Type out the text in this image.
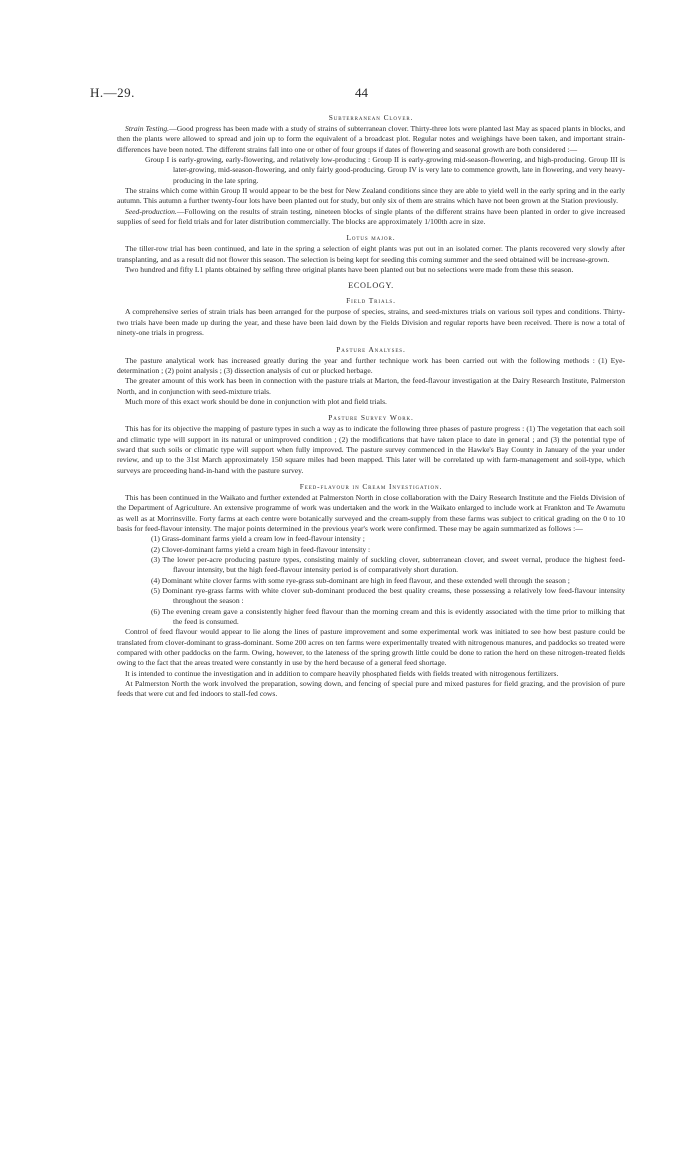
H.—29.	44
Subterranean Clover.

Strain Testing.—Good progress has been made with a study of strains of subterranean clover. Thirty-three lots were planted last May as spaced plants in blocks, and then the plants were allowed to spread and join up to form the equivalent of a broadcast plot. Regular notes and weighings have been taken, and important strain-differences have been noted. The different strains fall into one or other of four groups if dates of flowering and seasonal growth are both considered :—

Group I is early-growing, early-flowering, and relatively low-producing : Group II is early-growing mid-season-flowering, and high-producing. Group III is later-growing, mid-season-flowering, and only fairly good-producing. Group IV is very late to commence growth, late in flowering, and very heavy-producing in the late spring.

The strains which come within Group II would appear to be the best for New Zealand conditions since they are able to yield well in the early spring and in the early autumn. This autumn a further twenty-four lots have been planted out for study, but only six of them are strains which have not been grown at the Station previously.

Seed-production.—Following on the results of strain testing, nineteen blocks of single plants of the different strains have been planted in order to give increased supplies of seed for field trials and for later distribution commercially. The blocks are approximately 1/100th acre in size.

Lotus major.

The tiller-row trial has been continued, and late in the spring a selection of eight plants was put out in an isolated corner. The plants recovered very slowly after transplanting, and as a result did not flower this season. The selection is being kept for seeding this coming summer and the seed obtained will be increase-grown.

Two hundred and fifty L1 plants obtained by selfing three original plants have been planted out but no selections were made from these this season.

ECOLOGY.
Field Trials.

A comprehensive series of strain trials has been arranged for the purpose of species, strains, and seed-mixtures trials on various soil types and conditions. Thirty-two trials have been made up during the year, and these have been laid down by the Fields Division and regular reports have been received. There is now a total of ninety-one trials in progress.

Pasture Analyses.

The pasture analytical work has increased greatly during the year and further technique work has been carried out with the following methods : (1) Eye-determination ; (2) point analysis ; (3) dissection analysis of cut or plucked herbage.

The greater amount of this work has been in connection with the pasture trials at Marton, the feed-flavour investigation at the Dairy Research Institute, Palmerston North, and in conjunction with seed-mixture trials.

Much more of this exact work should be done in conjunction with plot and field trials.

Pasture Survey Work.

This has for its objective the mapping of pasture types in such a way as to indicate the following three phases of pasture progress : (1) The vegetation that each soil and climatic type will support in its natural or unimproved condition ; (2) the modifications that have taken place to date in general ; and (3) the potential type of sward that such soils or climatic type will support when fully improved. The pasture survey commenced in the Hawke's Bay County in January of the year under review, and up to the 31st March approximately 150 square miles had been mapped. This later will be correlated up with farm-management and soil-type, which surveys are proceeding hand-in-hand with the pasture survey.

Feed-flavour in Cream Investigation.

This has been continued in the Waikato and further extended at Palmerston North in close collaboration with the Dairy Research Institute and the Fields Division of the Department of Agriculture. An extensive programme of work was undertaken and the work in the Waikato enlarged to include work at Frankton and Te Awamutu as well as at Morrinsville. Forty farms at each centre were botanically surveyed and the cream-supply from these farms was subject to critical grading on the 0 to 10 basis for feed-flavour intensity. The major points determined in the previous year's work were confirmed. These may be again summarized as follows :—

(1) Grass-dominant farms yield a cream low in feed-flavour intensity ;
(2) Clover-dominant farms yield a cream high in feed-flavour intensity :
(3) The lower per-acre producing pasture types, consisting mainly of suckling clover, subterranean clover, and sweet vernal, produce the highest feed-flavour intensity, but the high feed-flavour intensity period is of comparatively short duration.
(4) Dominant white clover farms with some rye-grass sub-dominant are high in feed flavour, and these extended well through the season ;
(5) Dominant rye-grass farms with white clover sub-dominant produced the best quality creams, these possessing a relatively low feed-flavour intensity throughout the season :
(6) The evening cream gave a consistently higher feed flavour than the morning cream and this is evidently associated with the time prior to milking that the feed is consumed.

Control of feed flavour would appear to lie along the lines of pasture improvement and some experimental work was initiated to see how best pasture could be translated from clover-dominant to grass-dominant. Some 200 acres on ten farms were experimentally treated with nitrogenous manures, and paddocks so treated were compared with other paddocks on the farm. Owing, however, to the lateness of the spring growth little could be done to ration the herd on these nitrogen-treated fields owing to the fact that the areas treated were constantly in use by the herd because of a general feed shortage.

It is intended to continue the investigation and in addition to compare heavily phosphated fields with fields treated with nitrogenous fertilizers.

At Palmerston North the work involved the preparation, sowing down, and fencing of special pure and mixed pastures for field grazing, and the provision of pure feeds that were cut and fed indoors to stall-fed cows.
